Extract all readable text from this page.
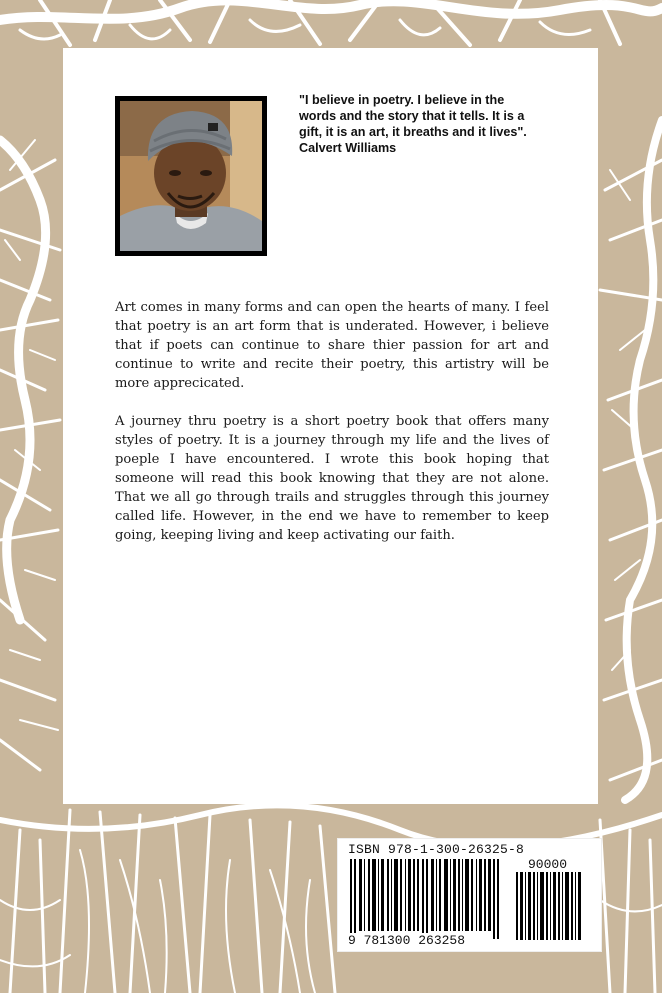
"I believe in poetry. I believe in the words and the story that it tells. It is a gift, it is an art, it breaths and it lives". Calvert Williams

Art comes in many forms and can open the hearts of many. I feel that poetry is an art form that is underated. However, i believe that if poets can continue to share thier passion for art and continue to write and recite their poetry, this artistry will be more apprecicated.

A journey thru poetry is a short poetry book that offers many styles of poetry. It is a journey through my life and the lives of poeple I have encountered. I wrote this book hoping that someone will read this book knowing that they are not alone. That we all go through trails and struggles through this journey called life. However, in the end we have to remember to keep going, keeping living and keep activating our faith.

ISBN 978-1-300-26325-8
90000
9 781300 263258
